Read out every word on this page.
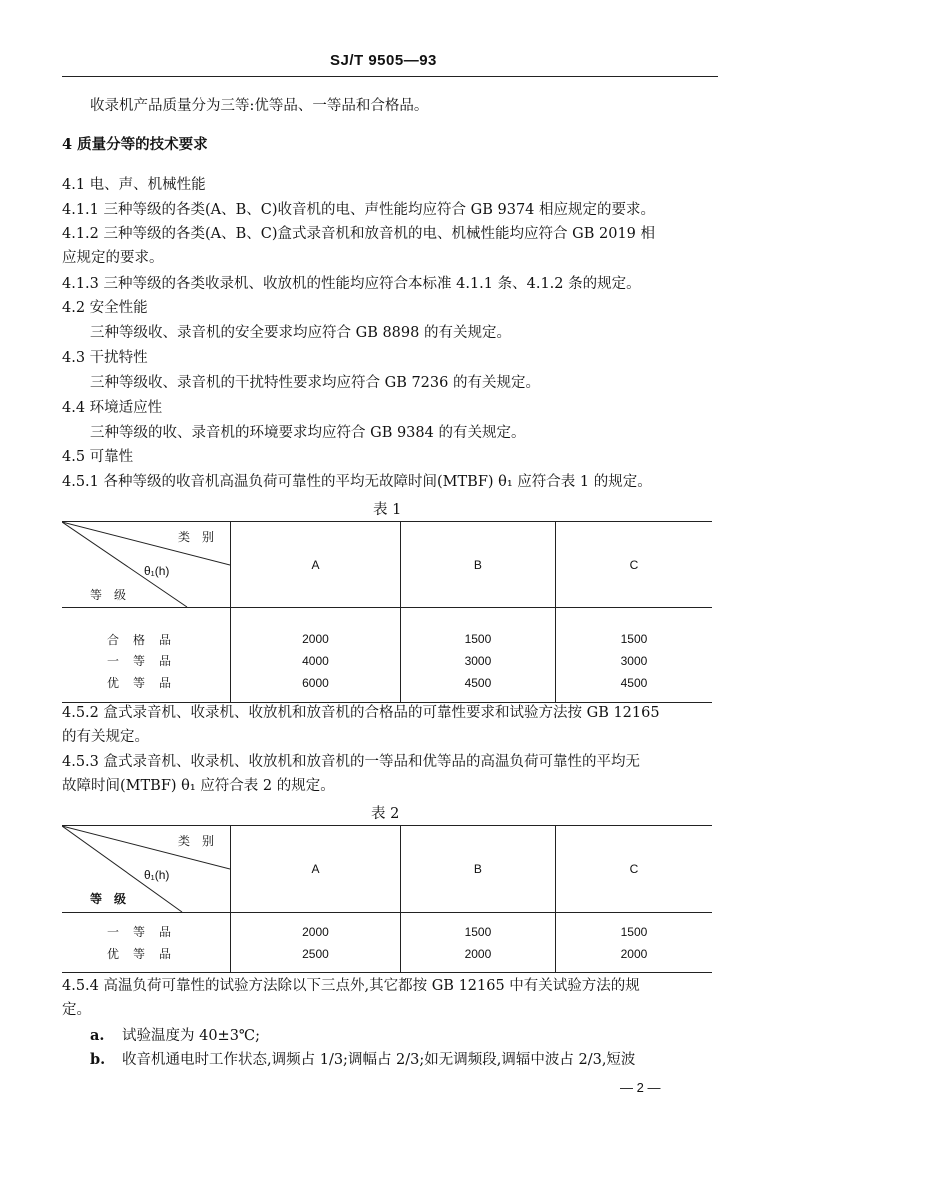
SJ/T 9505—93
收录机产品质量分为三等:优等品、一等品和合格品。
4 质量分等的技术要求
4.1 电、声、机械性能
4.1.1 三种等级的各类(A、B、C)收音机的电、声性能均应符合 GB 9374 相应规定的要求。
4.1.2 三种等级的各类(A、B、C)盒式录音机和放音机的电、机械性能均应符合 GB 2019 相
应规定的要求。
4.1.3 三种等级的各类收录机、收放机的性能均应符合本标准 4.1.1 条、4.1.2 条的规定。
4.2 安全性能
三种等级收、录音机的安全要求均应符合 GB 8898 的有关规定。
4.3 干扰特性
三种等级收、录音机的干扰特性要求均应符合 GB 7236 的有关规定。
4.4 环境适应性
三种等级的收、录音机的环境要求均应符合 GB 9384 的有关规定。
4.5 可靠性
4.5.1 各种等级的收音机高温负荷可靠性的平均无故障时间(MTBF) θ₁ 应符合表 1 的规定。
表 1
类　别
θ₁(h)
等　级	A	B	C

合格品	2000	1500	1500
一等品	4000	3000	3000
优等品	6000	4500	4500

4.5.2 盒式录音机、收录机、收放机和放音机的合格品的可靠性要求和试验方法按 GB 12165
的有关规定。
4.5.3 盒式录音机、收录机、收放机和放音机的一等品和优等品的高温负荷可靠性的平均无
故障时间(MTBF) θ₁ 应符合表 2 的规定。
表 2
类　别
θ₁(h)
等　级	A	B	C

一等品	2000	1500	1500
优等品	2500	2000	2000

4.5.4 高温负荷可靠性的试验方法除以下三点外,其它都按 GB 12165 中有关试验方法的规
定。
a. 试验温度为 40±3℃;
b. 收音机通电时工作状态,调频占 1/3;调幅占 2/3;如无调频段,调辐中波占 2/3,短波
— 2 —
